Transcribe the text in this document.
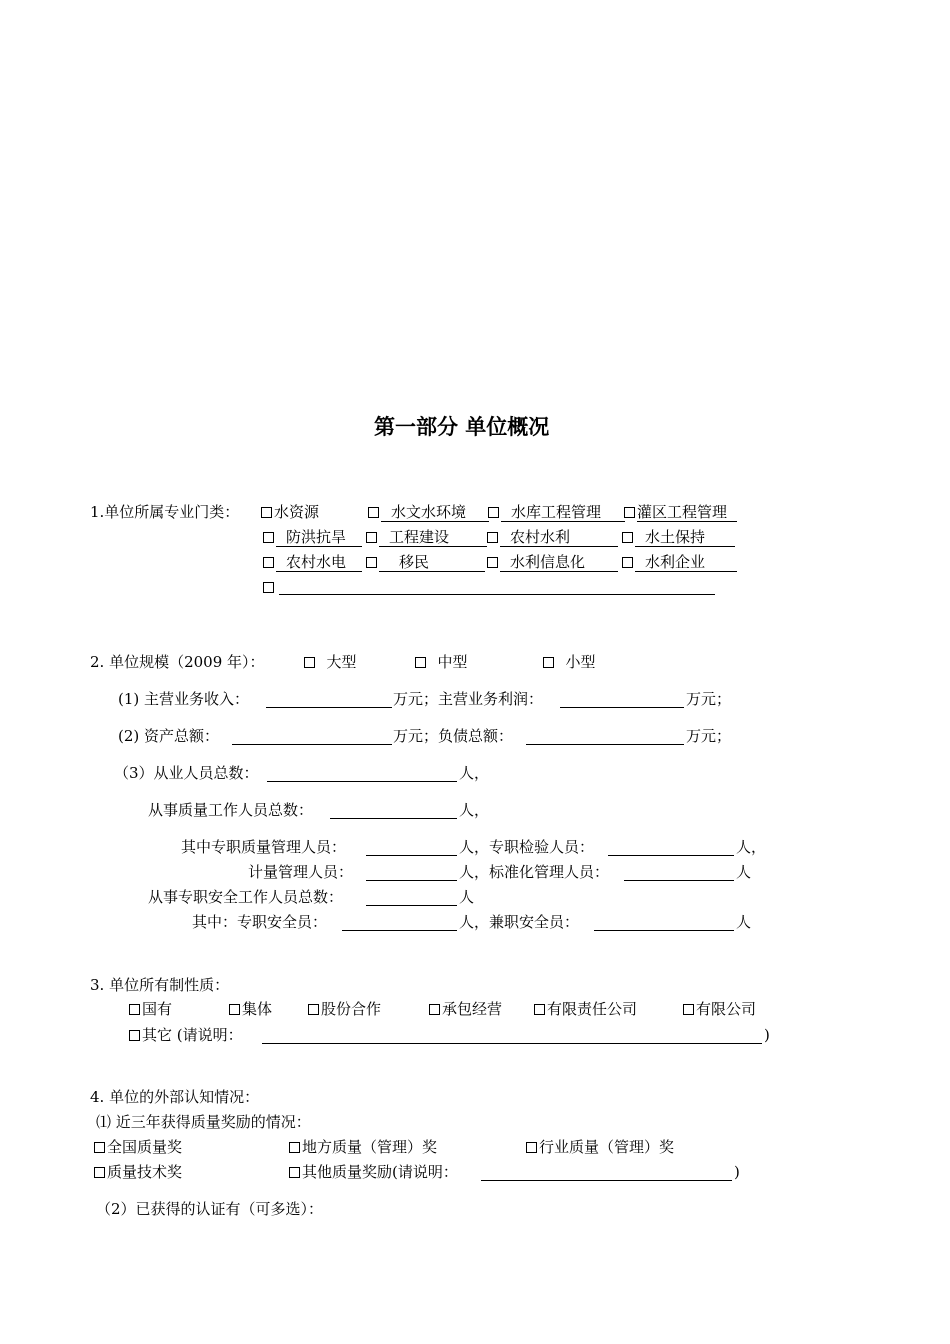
第一部分 单位概况
1.单位所属专业门类：	水资源	水文水环境	水库工程管理	灌区工程管理
防洪抗旱	工程建设	农村水利	水土保持
农村水电	移民	水利信息化	水利企业
2. 单位规模（2009 年）：	大型	中型	小型
(1) 主营业务收入：	万元；主营业务利润：	万元；
(2) 资产总额：	万元；负债总额：	万元；
（3）从业人员总数：	人，
从事质量工作人员总数：	人，
其中专职质量管理人员：	人，专职检验人员：	人，
计量管理人员：	人，标准化管理人员：	人
从事专职安全工作人员总数：	人
其中：专职安全员：	人，兼职安全员：	人
3. 单位所有制性质：
国有	集体	股份合作	承包经营	有限责任公司	有限公司
其它 (请说明：	)
4. 单位的外部认知情况：
⑴ 近三年获得质量奖励的情况：
全国质量奖	地方质量（管理）奖	行业质量（管理）奖
质量技术奖	其他质量奖励(请说明：	)
（2）已获得的认证有（可多选）：
